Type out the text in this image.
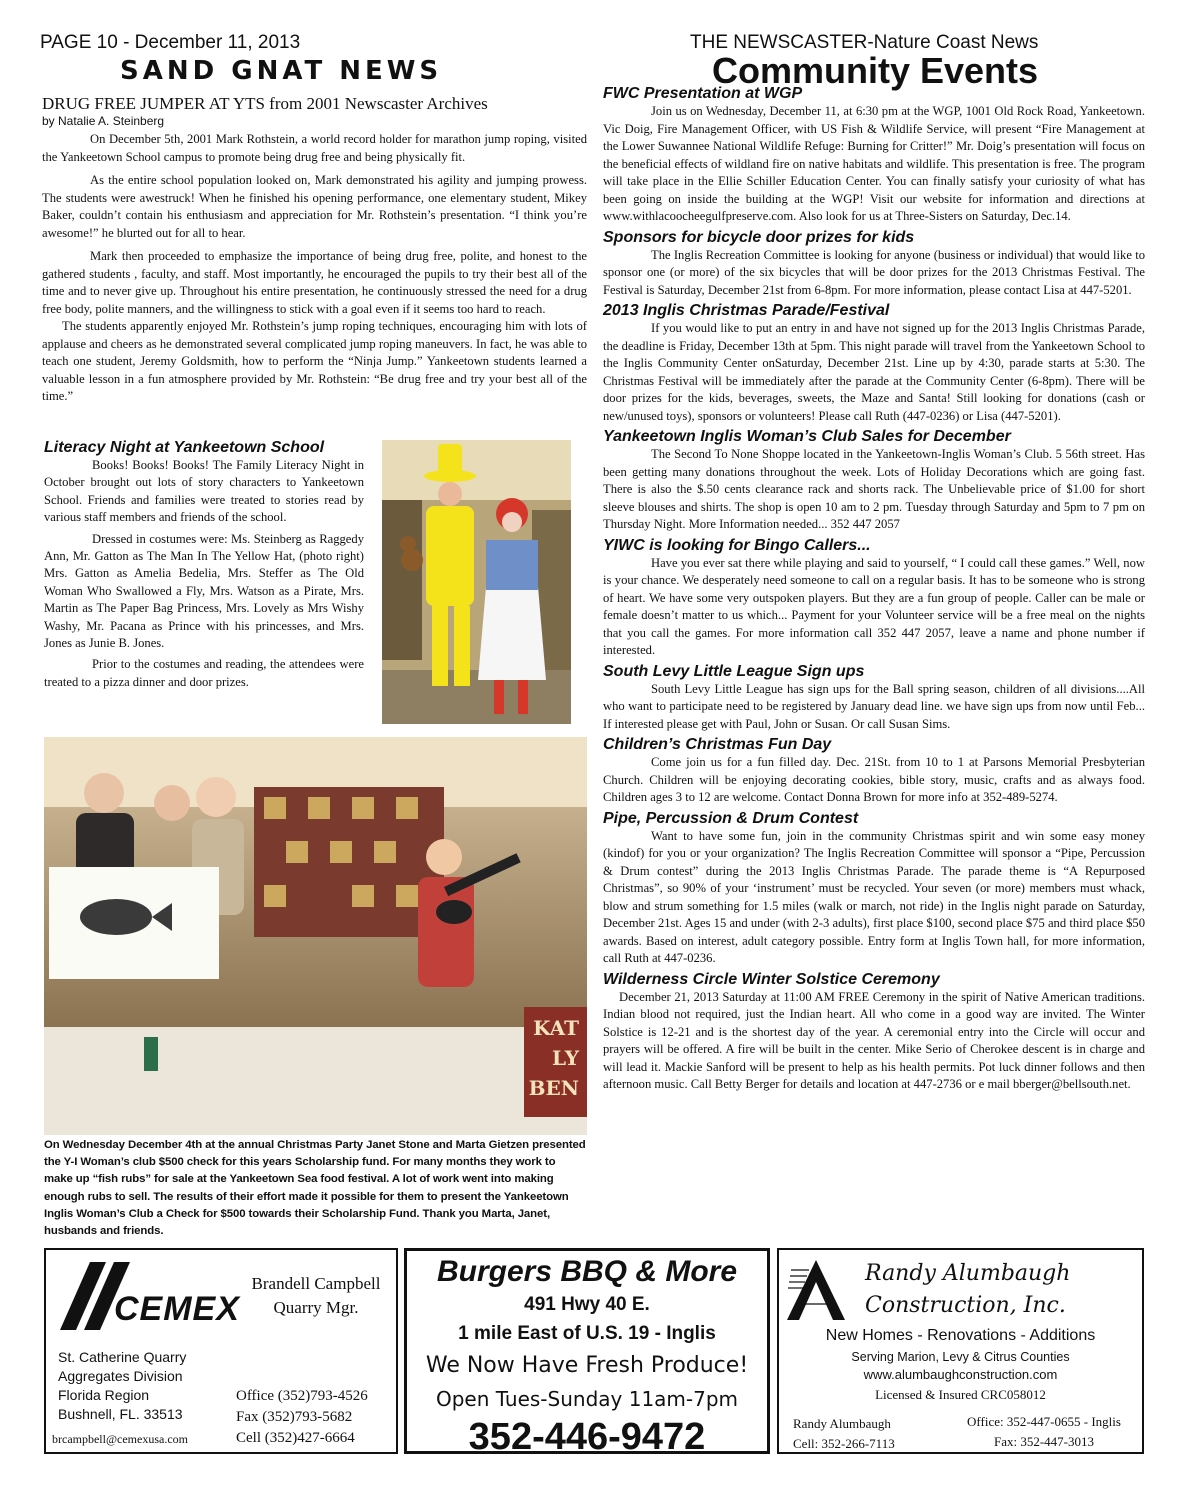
PAGE 10 - December 11, 2013	THE NEWSCASTER-Nature Coast News
SAND GNAT NEWS	Community Events
DRUG FREE JUMPER AT YTS from 2001 Newscaster Archives
by Natalie A. Steinberg

On December 5th, 2001 Mark Rothstein, a world record holder for marathon jump roping, visited the Yankeetown School campus to promote being drug free and being physically fit.

As the entire school population looked on, Mark demonstrated his agility and jumping prowess. The students were awestruck! When he finished his opening performance, one elementary student, Mikey Baker, couldn’t contain his enthusiasm and appreciation for Mr. Rothstein’s presentation. “I think you’re awesome!” he blurted out for all to hear.

Mark then proceeded to emphasize the importance of being drug free, polite, and honest to the gathered students , faculty, and staff. Most importantly, he encouraged the pupils to try their best all of the time and to never give up. Throughout his entire presentation, he continuously stressed the need for a drug free body, polite manners, and the willingness to stick with a goal even if it seems too hard to reach.

The students apparently enjoyed Mr. Rothstein’s jump roping techniques, encouraging him with lots of applause and cheers as he demonstrated several complicated jump roping maneuvers. In fact, he was able to teach one student, Jeremy Goldsmith, how to perform the “Ninja Jump.” Yankeetown students learned a valuable lesson in a fun atmosphere provided by Mr. Rothstein: “Be drug free and try your best all of the time.”

Literacy Night at Yankeetown School

Books! Books! Books! The Family Literacy Night in October brought out lots of story characters to Yankeetown School. Friends and families were treated to stories read by various staff members and friends of the school.

Dressed in costumes were: Ms. Steinberg as Raggedy Ann, Mr. Gatton as The Man In The Yellow Hat, (photo right) Mrs. Gatton as Amelia Bedelia, Mrs. Steffer as The Old Woman Who Swallowed a Fly, Mrs. Watson as a Pirate, Mrs. Martin as The Paper Bag Princess, Mrs. Lovely as Mrs Wishy Washy, Mr. Pacana as Prince with his princesses, and Mrs. Jones as Junie B. Jones.

Prior to the costumes and reading, the attendees were treated to a pizza dinner and door prizes.

KAT
LY
BEN
On Wednesday December 4th at the annual Christmas Party Janet Stone and Marta Gietzen presented the Y-I Woman’s club $500 check for this years Scholarship fund. For many months they work to make up “fish rubs” for sale at the Yankeetown Sea food festival. A lot of work went into making enough rubs to sell. The results of their effort made it possible for them to present the Yankeetown Inglis Woman’s Club a Check for $500 towards their Scholarship Fund. Thank you Marta, Janet, husbands and friends.
FWC Presentation at WGP

Join us on Wednesday, December 11, at 6:30 pm at the WGP, 1001 Old Rock Road, Yankeetown. Vic Doig, Fire Management Officer, with US Fish & Wildlife Service, will present “Fire Management at the Lower Suwannee National Wildlife Refuge: Burning for Critter!” Mr. Doig’s presentation will focus on the beneficial effects of wildland fire on native habitats and wildlife. This presentation is free. The program will take place in the Ellie Schiller Education Center. You can finally satisfy your curiosity of what has been going on inside the building at the WGP! Visit our website for information and directions at www.withlacoocheegulfpreserve.com. Also look for us at Three-Sisters on Saturday, Dec.14.

Sponsors for bicycle door prizes for kids

The Inglis Recreation Committee is looking for anyone (business or individual) that would like to sponsor one (or more) of the six bicycles that will be door prizes for the 2013 Christmas Festival. The Festival is Saturday, December 21st from 6-8pm. For more information, please contact Lisa at 447-5201.

2013 Inglis Christmas Parade/Festival

If you would like to put an entry in and have not signed up for the 2013 Inglis Christmas Parade, the deadline is Friday, December 13th at 5pm. This night parade will travel from the Yankeetown School to the Inglis Community Center onSaturday, December 21st. Line up by 4:30, parade starts at 5:30. The Christmas Festival will be immediately after the parade at the Community Center (6-8pm). There will be door prizes for the kids, beverages, sweets, the Maze and Santa! Still looking for donations (cash or new/unused toys), sponsors or volunteers! Please call Ruth (447-0236) or Lisa (447-5201).

Yankeetown Inglis Woman’s Club Sales for December

The Second To None Shoppe located in the Yankeetown-Inglis Woman’s Club. 5 56th street. Has been getting many donations throughout the week. Lots of Holiday Decorations which are going fast. There is also the $.50 cents clearance rack and shorts rack. The Unbelievable price of $1.00 for short sleeve blouses and shirts. The shop is open 10 am to 2 pm. Tuesday through Saturday and 5pm to 7 pm on Thursday Night. More Information needed... 352 447 2057

YIWC is looking for Bingo Callers...

Have you ever sat there while playing and said to yourself, “ I could call these games.” Well, now is your chance. We desperately need someone to call on a regular basis. It has to be someone who is strong of heart. We have some very outspoken players. But they are a fun group of people. Caller can be male or female doesn’t matter to us which... Payment for your Volunteer service will be a free meal on the nights that you call the games. For more information call 352 447 2057, leave a name and phone number if interested.

South Levy Little League Sign ups

South Levy Little League has sign ups for the Ball spring season, children of all divisions....All who want to participate need to be registered by January dead line. we have sign ups from now until Feb... If interested please get with Paul, John or Susan. Or call Susan Sims.

Children’s Christmas Fun Day

Come join us for a fun filled day. Dec. 21St. from 10 to 1 at Parsons Memorial Presbyterian Church. Children will be enjoying decorating cookies, bible story, music, crafts and as always food. Children ages 3 to 12 are welcome. Contact Donna Brown for more info at 352-489-5274.

Pipe, Percussion & Drum Contest

Want to have some fun, join in the community Christmas spirit and win some easy money (kindof) for you or your organization? The Inglis Recreation Committee will sponsor a “Pipe, Percussion & Drum contest” during the 2013 Inglis Christmas Parade. The parade theme is “A Repurposed Christmas”, so 90% of your ‘instrument’ must be recycled. Your seven (or more) members must whack, blow and strum something for 1.5 miles (walk or march, not ride) in the Inglis night parade on Saturday, December 21st. Ages 15 and under (with 2-3 adults), first place $100, second place $75 and third place $50 awards. Based on interest, adult category possible. Entry form at Inglis Town hall, for more information, call Ruth at 447-0236.

Wilderness Circle Winter Solstice Ceremony

December 21, 2013 Saturday at 11:00 AM FREE Ceremony in the spirit of Native American traditions. Indian blood not required, just the Indian heart. All who come in a good way are invited. The Winter Solstice is 12-21 and is the shortest day of the year. A ceremonial entry into the Circle will occur and prayers will be offered. A fire will be built in the center. Mike Serio of Cherokee descent is in charge and will lead it. Mackie Sanford will be present to help as his health permits. Pot luck dinner follows and then afternoon music. Call Betty Berger for details and location at 447-2736 or e mail bberger@bellsouth.net.

CEMEX
Brandell Campbell
Quarry Mgr.
St. Catherine Quarry
Aggregates Division
Florida Region
Bushnell, FL. 33513
brcampbell@cemexusa.com
Office (352)793-4526
Fax (352)793-5682
Cell (352)427-6664
Burgers BBQ & More
491 Hwy 40 E.
1 mile East of U.S. 19 - Inglis
We Now Have Fresh Produce!
Open Tues-Sunday 11am-7pm
352-446-9472
Randy Alumbaugh
Construction, Inc.
New Homes - Renovations - Additions
Serving Marion, Levy & Citrus Counties
www.alumbaughconstruction.com
Licensed & Insured CRC058012
Randy Alumbaugh
Cell: 352-266-7113
Office: 352-447-0655 - Inglis
Fax: 352-447-3013
